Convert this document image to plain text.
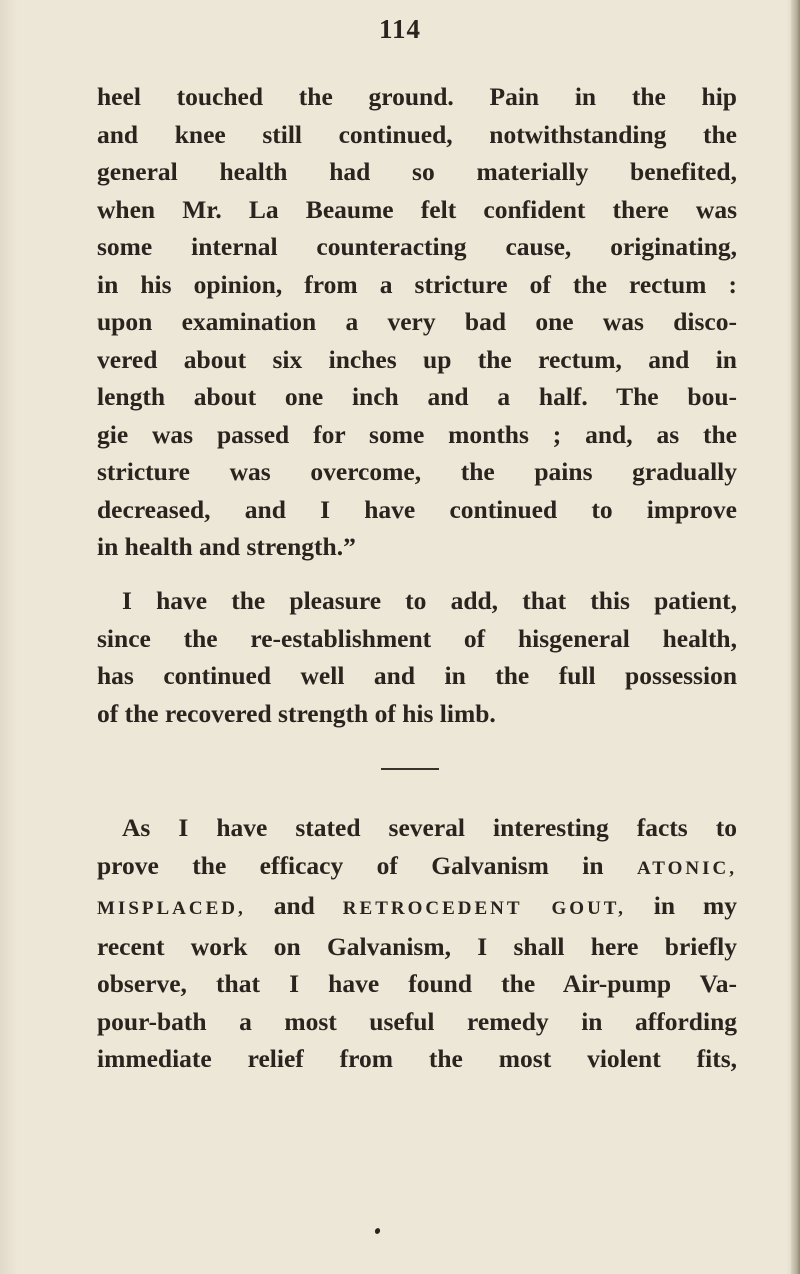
114
heel touched the ground. Pain in the hip
and knee still continued, notwithstanding the
general health had so materially benefited,
when Mr. La Beaume felt confident there was
some internal counteracting cause, originating,
in his opinion, from a stricture of the rectum :
upon examination a very bad one was disco-
vered about six inches up the rectum, and in
length about one inch and a half. The bou-
gie was passed for some months ; and, as the
stricture was overcome, the pains gradually
decreased, and I have continued to improve
in health and strength.”
I have the pleasure to add, that this patient,
since the re-establishment of hisgeneral health,
has continued well and in the full possession
of the recovered strength of his limb.
As I have stated several interesting facts to
prove the efficacy of Galvanism in ATONIC,
MISPLACED, and RETROCEDENT GOUT, in my
recent work on Galvanism, I shall here briefly
observe, that I have found the Air-pump Va-
pour-bath a most useful remedy in affording
immediate relief from the most violent fits,
